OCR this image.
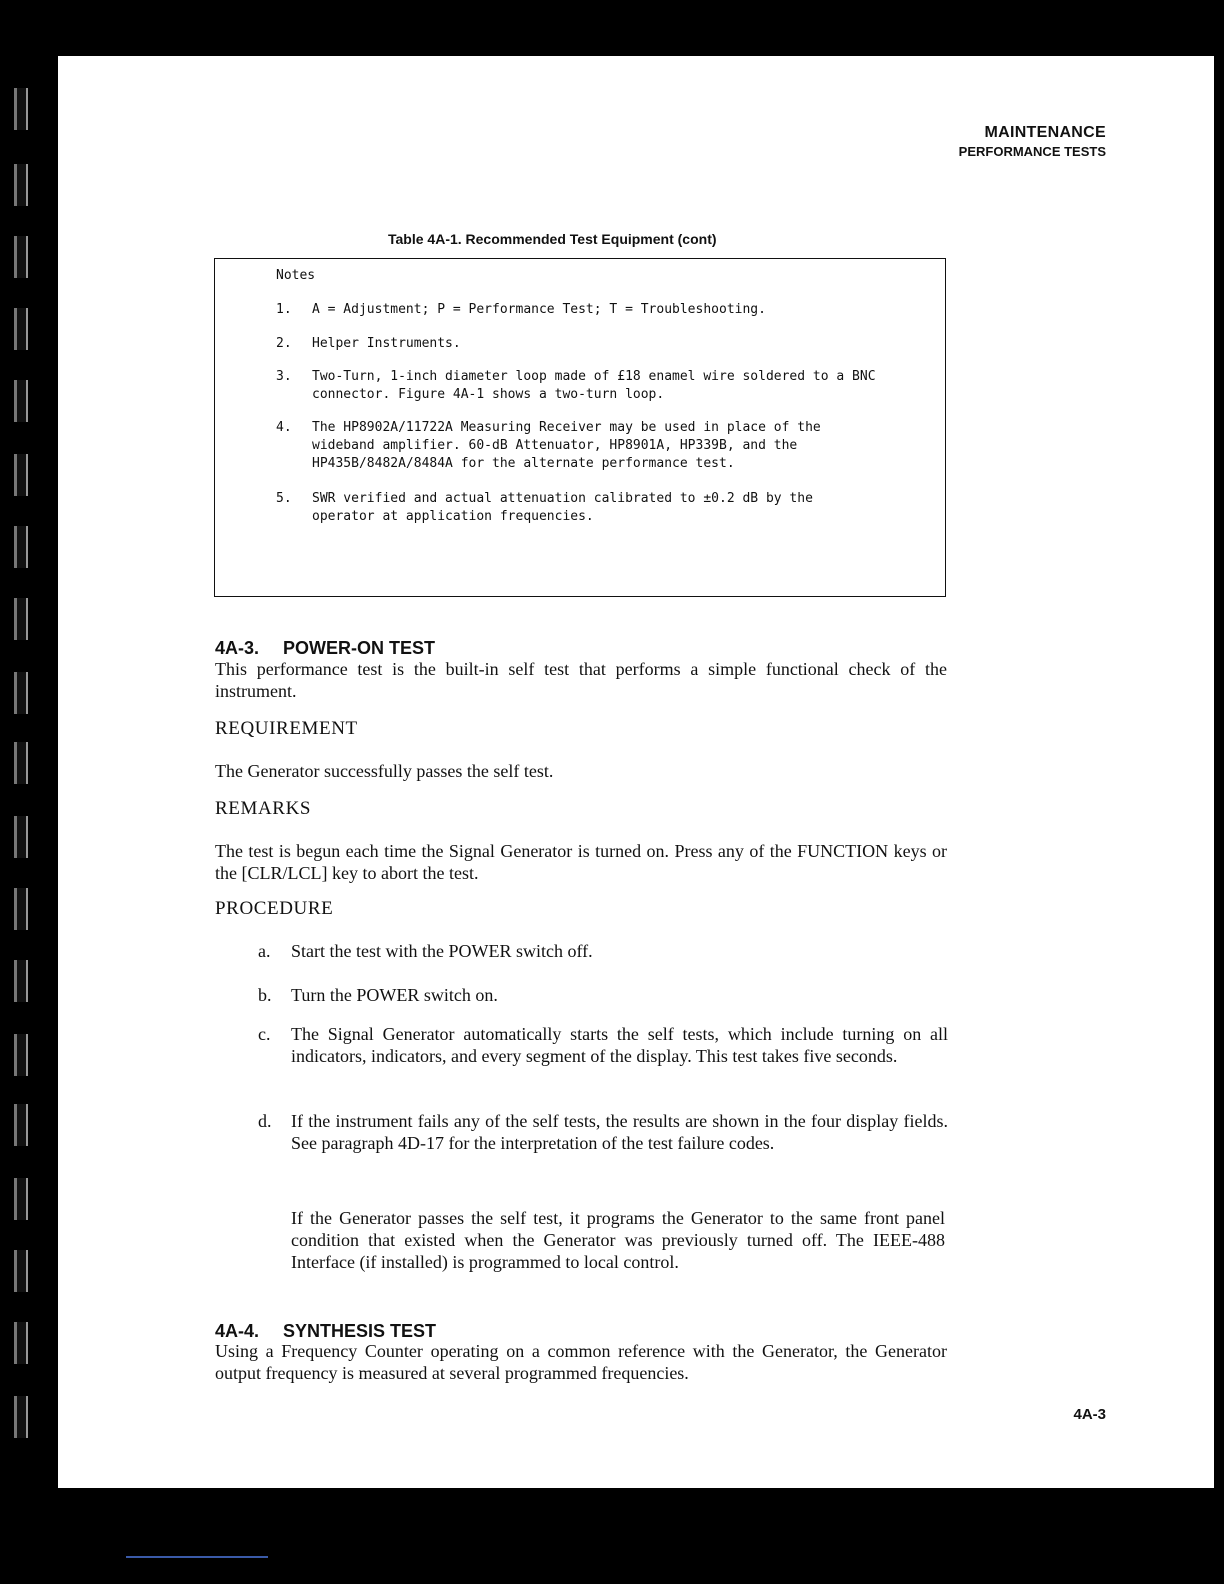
MAINTENANCE
PERFORMANCE TESTS
Table 4A-1. Recommended Test Equipment (cont)
Notes
1. A = Adjustment; P = Performance Test; T = Troubleshooting.
2. Helper Instruments.
3. Two-Turn, 1-inch diameter loop made of £18 enamel wire soldered to a BNC connector. Figure 4A-1 shows a two-turn loop.
4. The HP8902A/11722A Measuring Receiver may be used in place of the wideband amplifier. 60-dB Attenuator, HP8901A, HP339B, and the HP435B/8482A/8484A for the alternate performance test.
5. SWR verified and actual attenuation calibrated to ±0.2 dB by the operator at application frequencies.
4A-3. POWER-ON TEST
This performance test is the built-in self test that performs a simple functional check of the instrument.
REQUIREMENT
The Generator successfully passes the self test.
REMARKS
The test is begun each time the Signal Generator is turned on. Press any of the FUNCTION keys or the [CLR/LCL] key to abort the test.
PROCEDURE
a. Start the test with the POWER switch off.
b. Turn the POWER switch on.
c. The Signal Generator automatically starts the self tests, which include turning on all indicators, indicators, and every segment of the display. This test takes five seconds.
d. If the instrument fails any of the self tests, the results are shown in the four display fields. See paragraph 4D-17 for the interpretation of the test failure codes.
If the Generator passes the self test, it programs the Generator to the same front panel condition that existed when the Generator was previously turned off. The IEEE-488 Interface (if installed) is programmed to local control.
4A-4. SYNTHESIS TEST
Using a Frequency Counter operating on a common reference with the Generator, the Generator output frequency is measured at several programmed frequencies.
4A-3
